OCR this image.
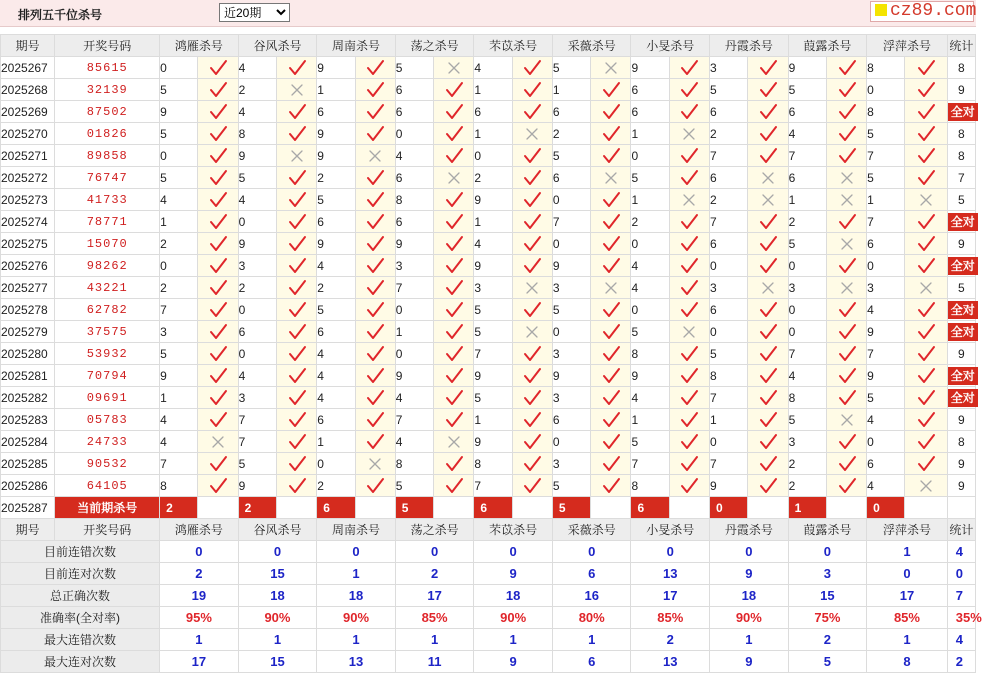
排列五千位杀号
近20期	cz89.com
期号	开奖号码	鸿雁杀号		谷风杀号		周南杀号		荡之杀号		芣苡杀号		采薇杀号		小旻杀号		丹霞杀号		葭露杀号		浮萍杀号		统计
2025267	85615	0		4		9		5		4		5		9		3		9		8		8
2025268	32139	5		2		1		6		1		1		6		5		5		0		9
2025269	87502	9		4		6		6		6		6		6		6		6		8		全对
2025270	01826	5		8		9		0		1		2		1		2		4		5		8
2025271	89858	0		9		9		4		0		5		0		7		7		7		8
2025272	76747	5		5		2		6		2		6		5		6		6		5		7
2025273	41733	4		4		5		8		9		0		1		2		1		1		5
2025274	78771	1		0		6		6		1		7		2		7		2		7		全对
2025275	15070	2		9		9		9		4		0		0		6		5		6		9
2025276	98262	0		3		4		3		9		9		4		0		0		0		全对
2025277	43221	2		2		2		7		3		3		4		3		3		3		5
2025278	62782	7		0		5		0		5		5		0		6		0		4		全对
2025279	37575	3		6		6		1		5		0		5		0		0		9		全对
2025280	53932	5		0		4		0		7		3		8		5		7		7		9
2025281	70794	9		4		4		9		9		9		9		8		4		9		全对
2025282	09691	1		3		4		4		5		3		4		7		8		5		全对
2025283	05783	4		7		6		7		1		6		1		1		5		4		9
2025284	24733	4		7		1		4		9		0		5		0		3		0		8
2025285	90532	7		5		0		8		8		3		7		7		2		6		9
2025286	64105	8		9		2		5		7		5		8		9		2		4		9
2025287	当前期杀号	2		2		6		5		6		5		6		0		1		0		
期号	开奖号码	鸿雁杀号		谷风杀号		周南杀号		荡之杀号		芣苡杀号		采薇杀号		小旻杀号		丹霞杀号		葭露杀号		浮萍杀号		统计
目前连错次数		0		0		0		0		0		0		0		0		0		1		4
目前连对次数		2		15		1		2		9		6		13		9		3		0		0
总正确次数		19		18		18		17		18		16		17		18		15		17		7
准确率(全对率)		95%		90%		90%		85%		90%		80%		85%		90%		75%		85%		35%
最大连错次数		1		1		1		1		1		1		2		1		2		1		4
最大连对次数		17		15		13		11		9		6		13		9		5		8		2
